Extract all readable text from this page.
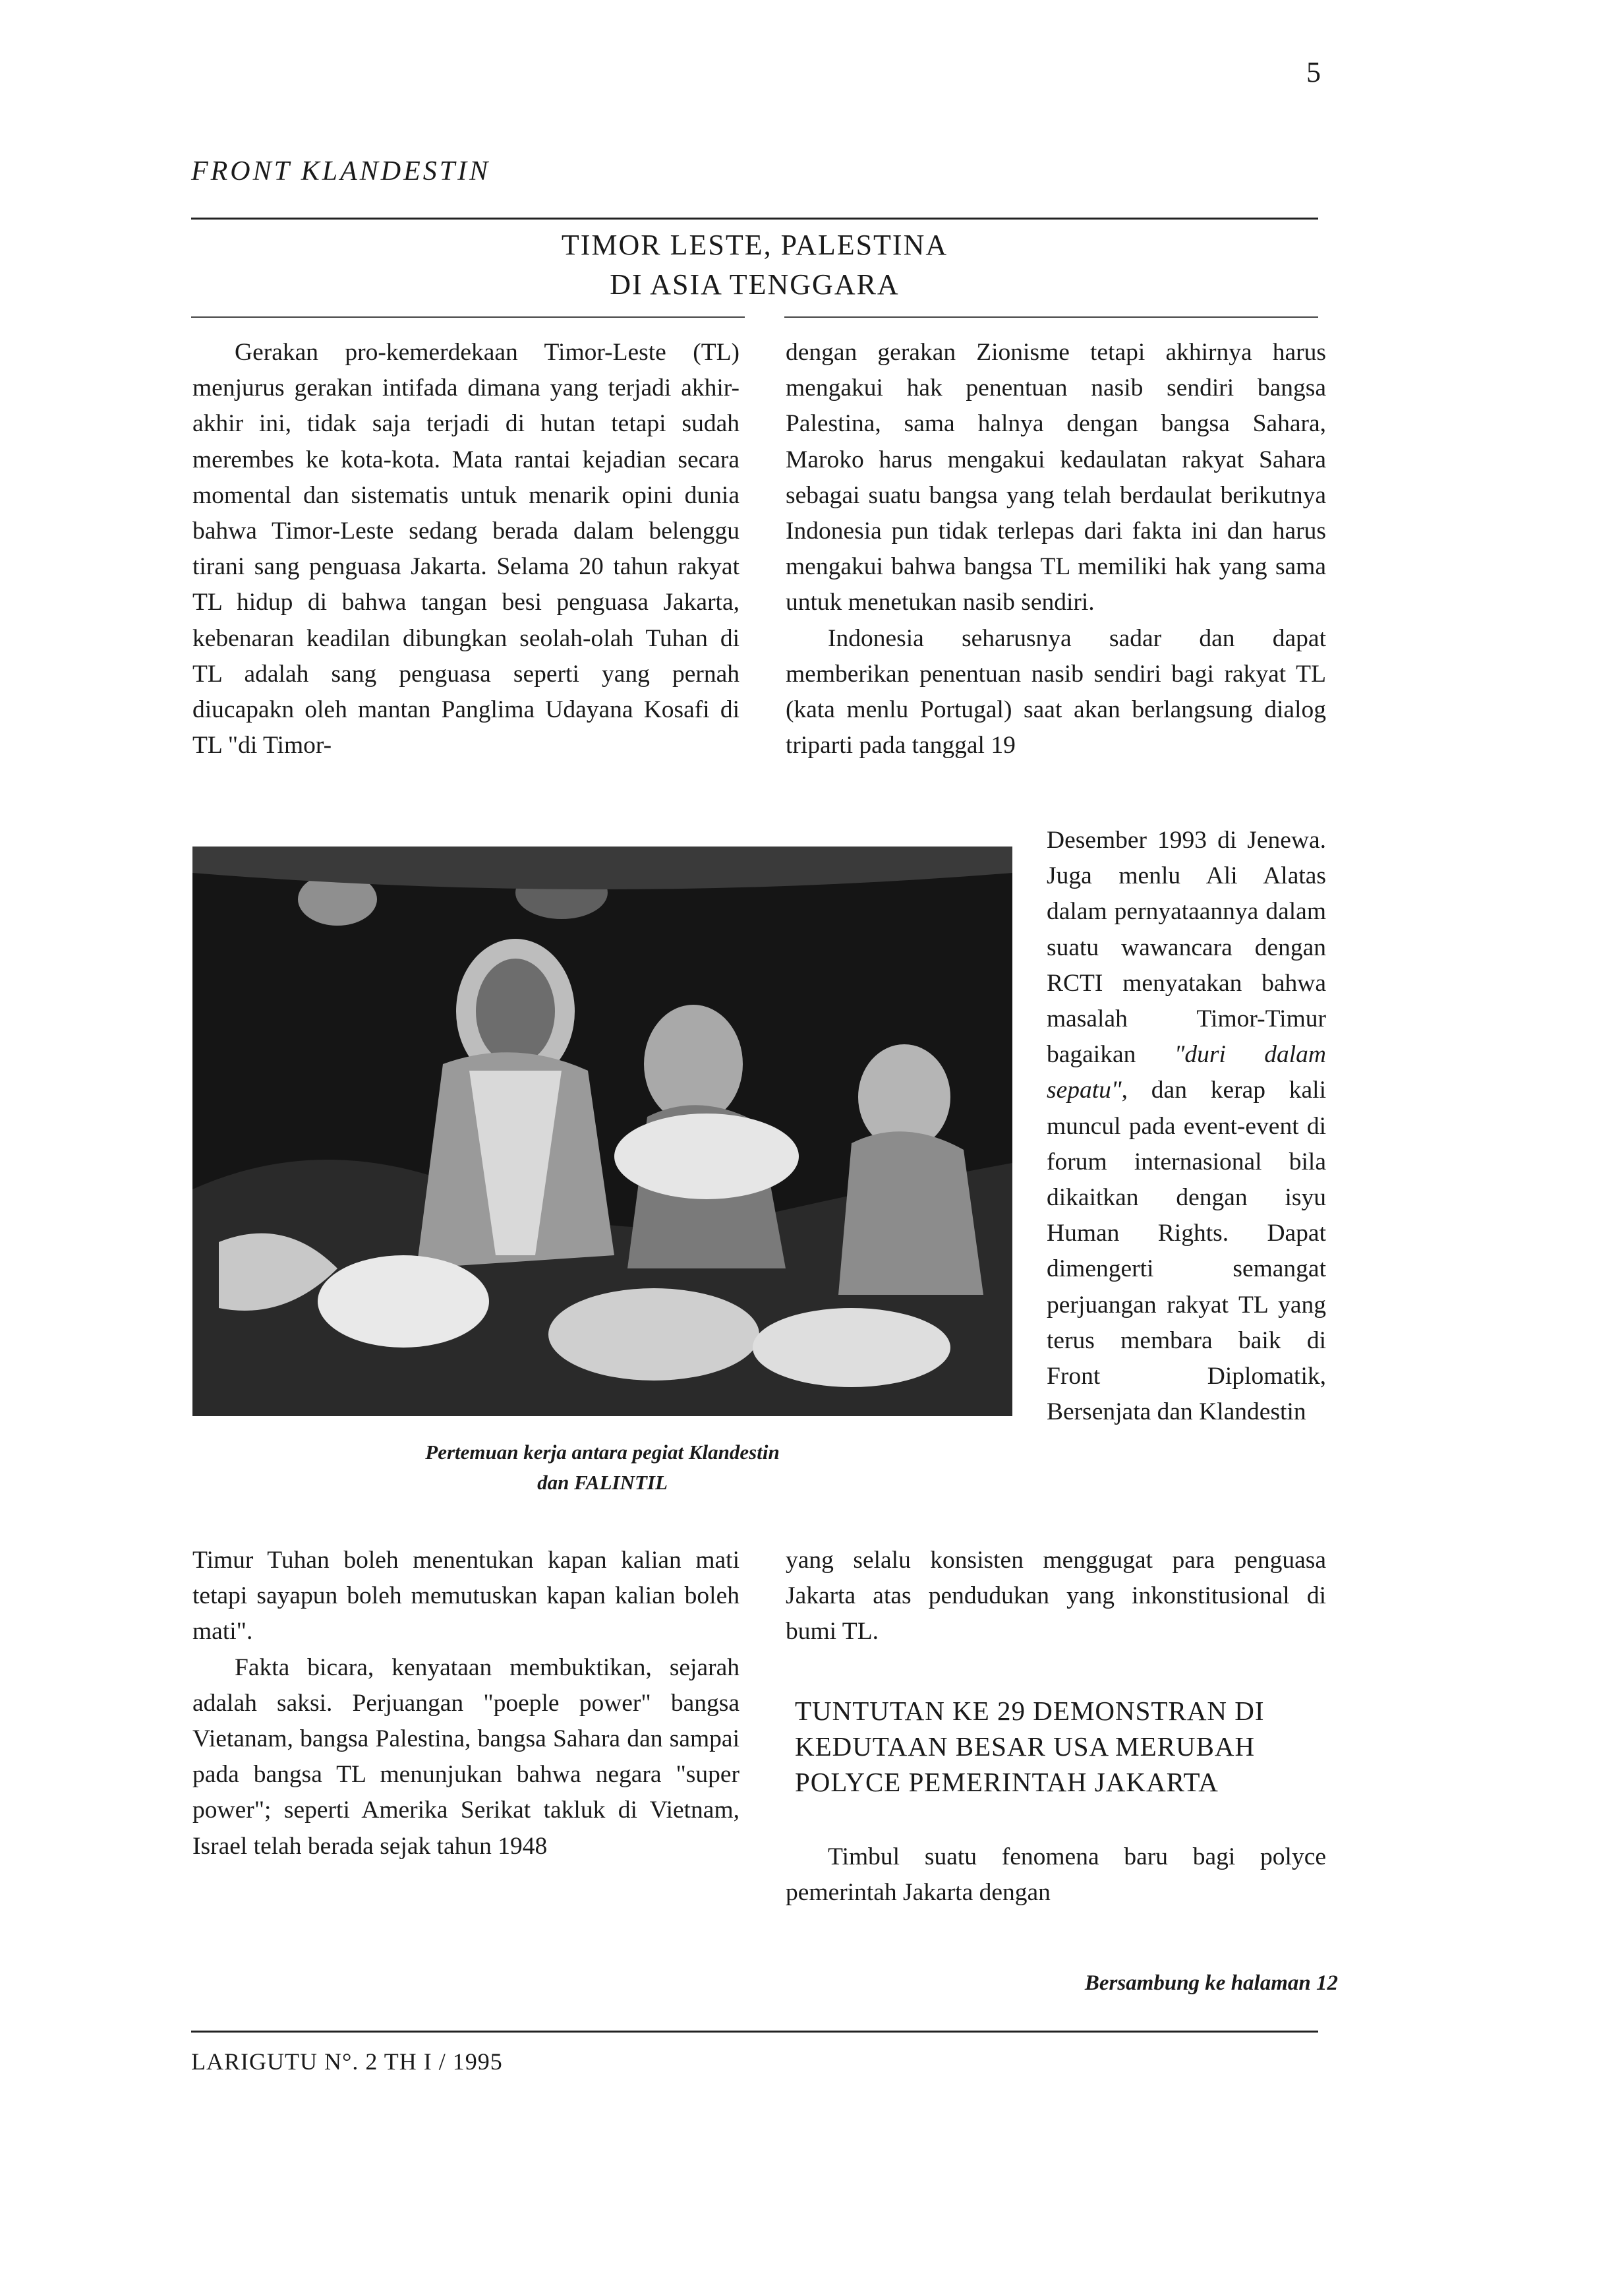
5
FRONT KLANDESTIN
TIMOR LESTE, PALESTINA
DI ASIA TENGGARA

Gerakan pro-kemerdekaan Timor-Leste (TL) menjurus gerakan intifada dimana yang terjadi akhir-akhir ini, tidak saja terjadi di hutan tetapi sudah merembes ke kota-kota. Mata rantai kejadian secara momental dan sistematis untuk menarik opini dunia bahwa Timor-Leste sedang berada dalam belenggu tirani sang penguasa Jakarta. Selama 20 tahun rakyat TL hidup di bahwa tangan besi penguasa Jakarta, kebenaran keadilan dibungkan seolah-olah Tuhan di TL adalah sang penguasa seperti yang pernah diucapakn oleh mantan Panglima Udayana Kosafi di TL "di Timor-

dengan gerakan Zionisme tetapi akhirnya harus mengakui hak penentuan nasib sendiri bangsa Palestina, sama halnya dengan bangsa Sahara, Maroko harus mengakui kedaulatan rakyat Sahara sebagai suatu bangsa yang telah berdaulat berikutnya Indonesia pun tidak terlepas dari fakta ini dan harus mengakui bahwa bangsa TL memiliki hak yang sama untuk menetukan nasib sendiri.

Indonesia seharusnya sadar dan dapat memberikan penentuan nasib sendiri bagi rakyat TL (kata menlu Portugal) saat akan berlangsung dialog triparti pada tanggal 19

Pertemuan kerja antara pegiat Klandestin
dan FALINTIL
Desember 1993 di Jenewa. Juga menlu Ali Alatas dalam pernyataannya dalam suatu wawancara dengan RCTI menyatakan bahwa masalah Timor-Timur bagaikan "duri dalam sepatu", dan kerap kali muncul pada event-event di forum internasional bila dikaitkan dengan isyu Human Rights. Dapat dimengerti semangat perjuangan rakyat TL yang terus membara baik di Front Diplomatik, Bersenjata dan Klandestin

Timur Tuhan boleh menentukan kapan kalian mati tetapi sayapun boleh memutuskan kapan kalian boleh mati".

Fakta bicara, kenyataan membuktikan, sejarah adalah saksi. Perjuangan "poeple power" bangsa Vietanam, bangsa Palestina, bangsa Sahara dan sampai pada bangsa TL menunjukan bahwa negara "super power"; seperti Amerika Serikat takluk di Vietnam, Israel telah berada sejak tahun 1948

yang selalu konsisten menggugat para penguasa Jakarta atas pendudukan yang inkonstitusional di bumi TL.

TUNTUTAN KE 29 DEMONSTRAN DI KEDUTAAN BESAR USA MERUBAH POLYCE PEMERINTAH JAKARTA

Timbul suatu fenomena baru bagi polyce pemerintah Jakarta dengan

Bersambung ke halaman 12
LARIGUTU N°. 2 TH I / 1995
